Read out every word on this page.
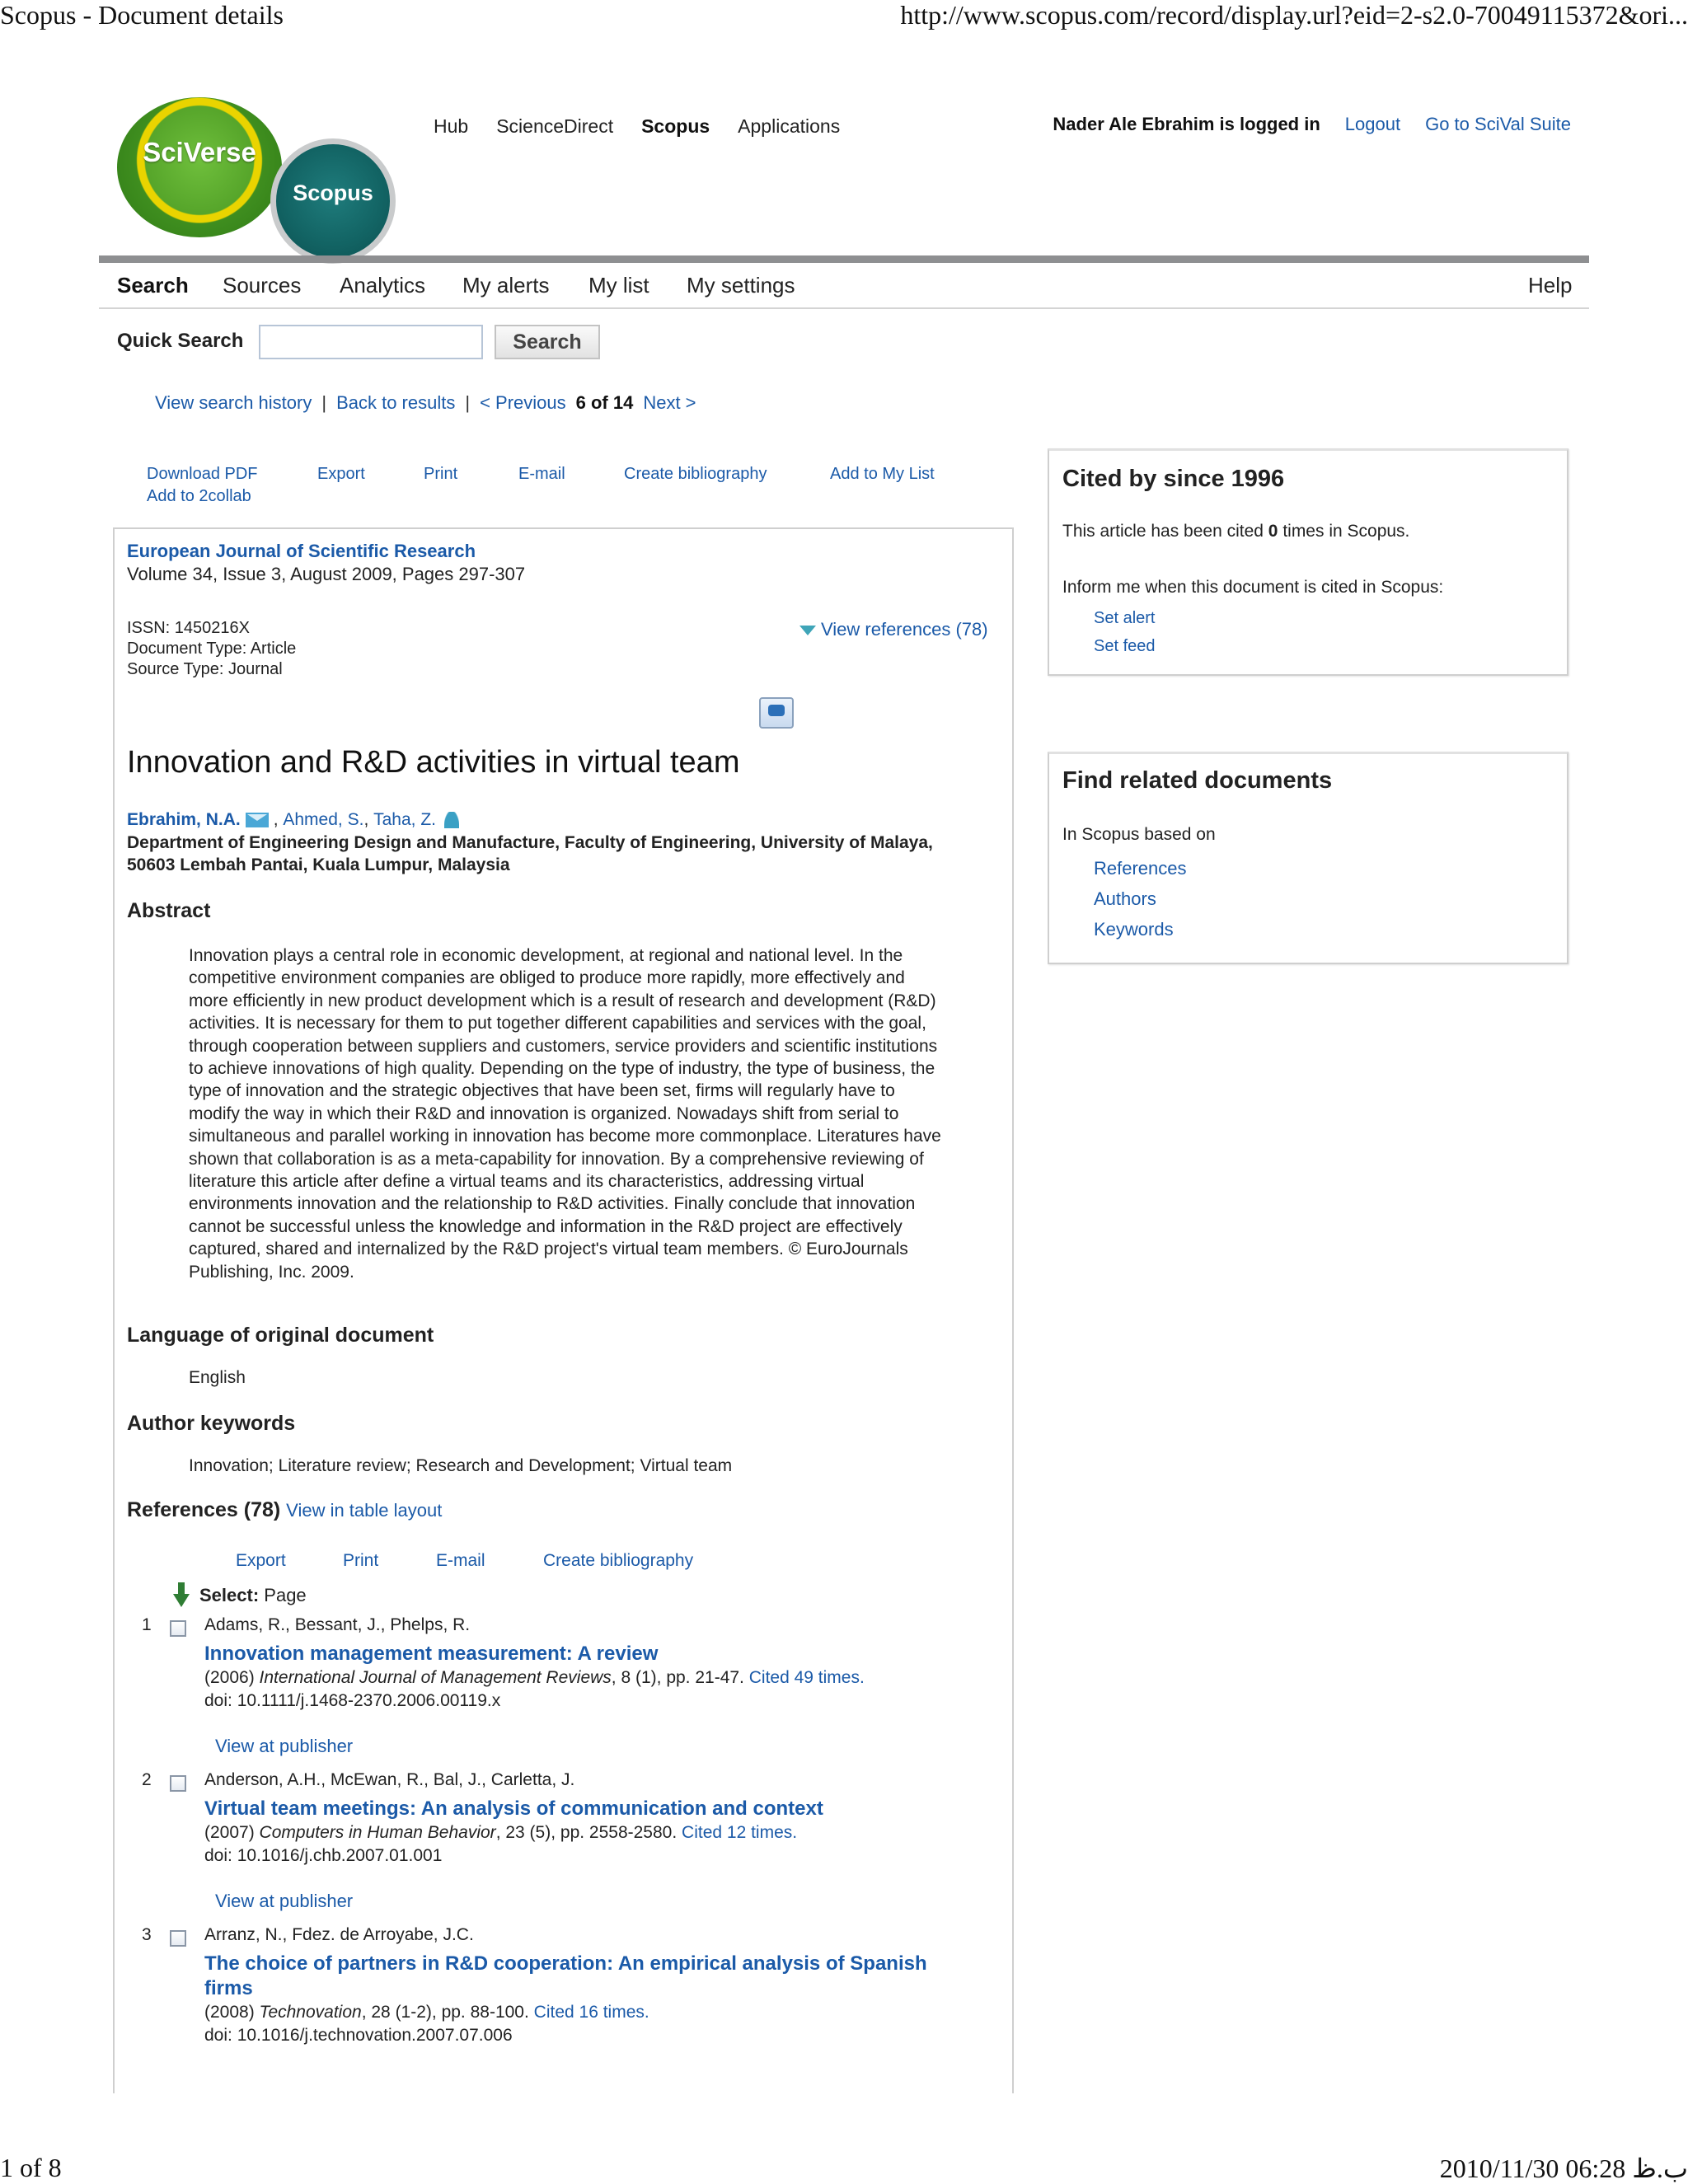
Scopus - Document details	http://www.scopus.com/record/display.url?eid=2-s2.0-70049115372&ori...
SciVerse
Scopus
Hub ScienceDirect Scopus Applications	Nader Ale Ebrahim is logged in Logout Go to SciVal Suite
Search Sources Analytics My alerts My list My settings	Help
Quick Search	Search
View search history | Back to results | < Previous 6 of 14 Next >
Download PDF	Export	Print	E-mail	Create bibliography	Add to My List
Add to 2collab
European Journal of Scientific Research
Volume 34, Issue 3, August 2009, Pages 297-307
ISSN: 1450216X
Document Type: Article
Source Type: Journal
View references (78)
Innovation and R&D activities in virtual team
Ebrahim, N.A. , Ahmed, S. , Taha, Z.
Department of Engineering Design and Manufacture, Faculty of Engineering, University of Malaya, 50603 Lembah Pantai, Kuala Lumpur, Malaysia
Abstract
Innovation plays a central role in economic development, at regional and national level. In the competitive environment companies are obliged to produce more rapidly, more effectively and more efficiently in new product development which is a result of research and development (R&D) activities. It is necessary for them to put together different capabilities and services with the goal, through cooperation between suppliers and customers, service providers and scientific institutions to achieve innovations of high quality. Depending on the type of industry, the type of business, the type of innovation and the strategic objectives that have been set, firms will regularly have to modify the way in which their R&D and innovation is organized. Nowadays shift from serial to simultaneous and parallel working in innovation has become more commonplace. Literatures have shown that collaboration is as a meta-capability for innovation. By a comprehensive reviewing of literature this article after define a virtual teams and its characteristics, addressing virtual environments innovation and the relationship to R&D activities. Finally conclude that innovation cannot be successful unless the knowledge and information in the R&D project are effectively captured, shared and internalized by the R&D project's virtual team members. © EuroJournals Publishing, Inc. 2009.
Language of original document
English
Author keywords
Innovation; Literature review; Research and Development; Virtual team
References (78) View in table layout
Export	Print	E-mail	Create bibliography
Select: Page
1	Adams, R., Bessant, J., Phelps, R.
Innovation management measurement: A review
(2006) International Journal of Management Reviews, 8 (1), pp. 21-47. Cited 49 times.
doi: 10.1111/j.1468-2370.2006.00119.x
View at publisher
2	Anderson, A.H., McEwan, R., Bal, J., Carletta, J.
Virtual team meetings: An analysis of communication and context
(2007) Computers in Human Behavior, 23 (5), pp. 2558-2580. Cited 12 times.
doi: 10.1016/j.chb.2007.01.001
View at publisher
3	Arranz, N., Fdez. de Arroyabe, J.C.
The choice of partners in R&D cooperation: An empirical analysis of Spanish firms
(2008) Technovation, 28 (1-2), pp. 88-100. Cited 16 times.
doi: 10.1016/j.technovation.2007.07.006
Cited by since 1996
This article has been cited 0 times in Scopus.
Inform me when this document is cited in Scopus:
Set alert
Set feed
Find related documents
In Scopus based on
References
Authors
Keywords
1 of 8	2010/11/30 06:28 ب.ظ
